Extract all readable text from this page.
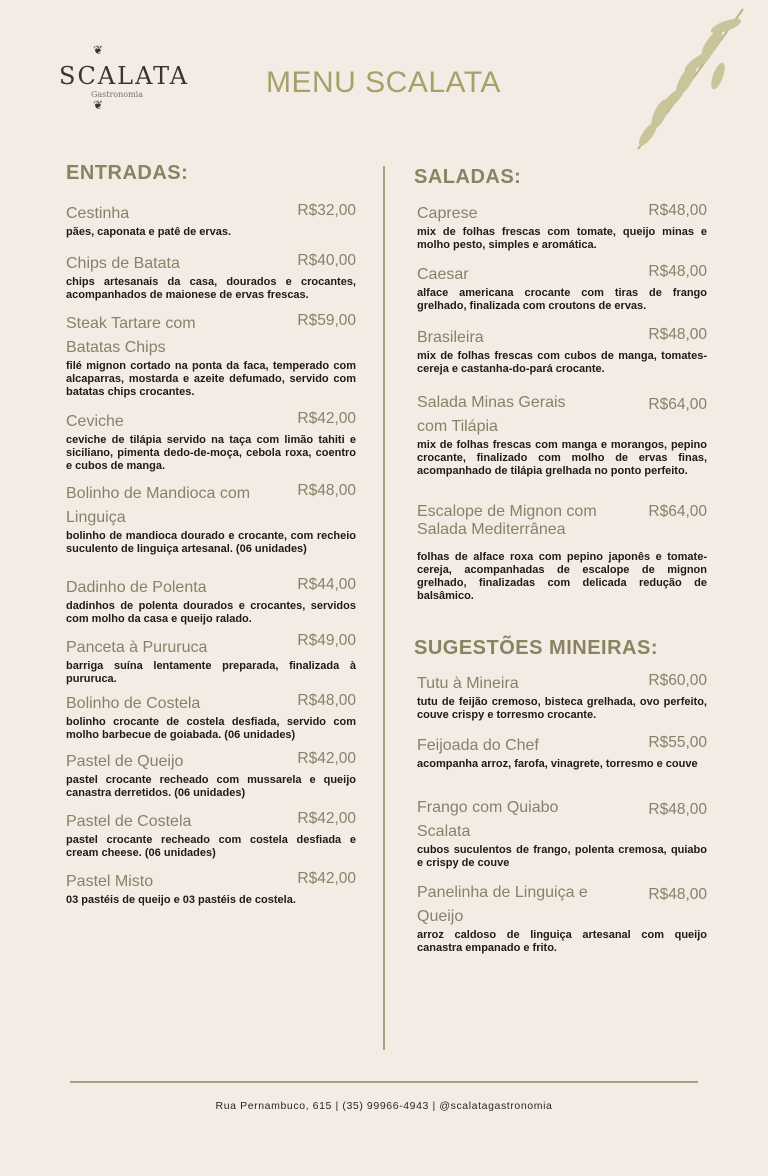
❦
SCALATA
Gastronomia
❦
MENU SCALATA
ENTRADAS:
Cestinha	R$32,00
pães, caponata e patê de ervas.
Chips de Batata	R$40,00
chips artesanais da casa, dourados e crocantes, acompanhados de maionese de ervas frescas.
Steak Tartare com Batatas Chips
R$59,00
filé mignon cortado na ponta da faca, temperado com alcaparras, mostarda e azeite defumado, servido com batatas chips crocantes.
Ceviche	R$42,00
ceviche de tilápia servido na taça com limão tahiti e siciliano, pimenta dedo-de-moça, cebola roxa, coentro e cubos de manga.
Bolinho de Mandioca com Linguiça
R$48,00
bolinho de mandioca dourado e crocante, com recheio suculento de linguiça artesanal. (06 unidades)
Dadinho de Polenta	R$44,00
dadinhos de polenta dourados e crocantes, servidos com molho da casa e queijo ralado.
Panceta à Pururuca	R$49,00
barriga suína lentamente preparada, finalizada à pururuca.
Bolinho de Costela	R$48,00
bolinho crocante de costela desfiada, servido com molho barbecue de goiabada. (06 unidades)
Pastel de Queijo	R$42,00
pastel crocante recheado com mussarela e queijo canastra derretidos. (06 unidades)
Pastel de Costela	R$42,00
pastel crocante recheado com costela desfiada e cream cheese. (06 unidades)
Pastel Misto	R$42,00
03 pastéis de queijo e 03 pastéis de costela.
SALADAS:
Caprese	R$48,00
mix de folhas frescas com tomate, queijo minas e molho pesto, simples e aromática.
Caesar	R$48,00
alface americana crocante com tiras de frango grelhado, finalizada com croutons de ervas.
Brasileira	R$48,00
mix de folhas frescas com cubos de manga, tomates-cereja e castanha-do-pará crocante.
Salada Minas Gerais com Tilápia
R$64,00
mix de folhas frescas com manga e morangos, pepino crocante, finalizado com molho de ervas finas, acompanhado de tilápia grelhada no ponto perfeito.
Escalope de Mignon com Salada Mediterrânea
R$64,00
folhas de alface roxa com pepino japonês e tomate-cereja, acompanhadas de escalope de mignon grelhado, finalizadas com delicada redução de balsâmico.
SUGESTÕES MINEIRAS:
Tutu à Mineira	R$60,00
tutu de feijão cremoso, bisteca grelhada, ovo perfeito, couve crispy e torresmo crocante.
Feijoada do Chef	R$55,00
acompanha arroz, farofa, vinagrete, torresmo e couve
Frango com Quiabo Scalata
R$48,00
cubos suculentos de frango, polenta cremosa, quiabo e crispy de couve
Panelinha de Linguiça e Queijo
R$48,00
arroz caldoso de linguiça artesanal com queijo canastra empanado e frito.
Rua Pernambuco, 615 | (35) 99966-4943 | @scalatagastronomia
